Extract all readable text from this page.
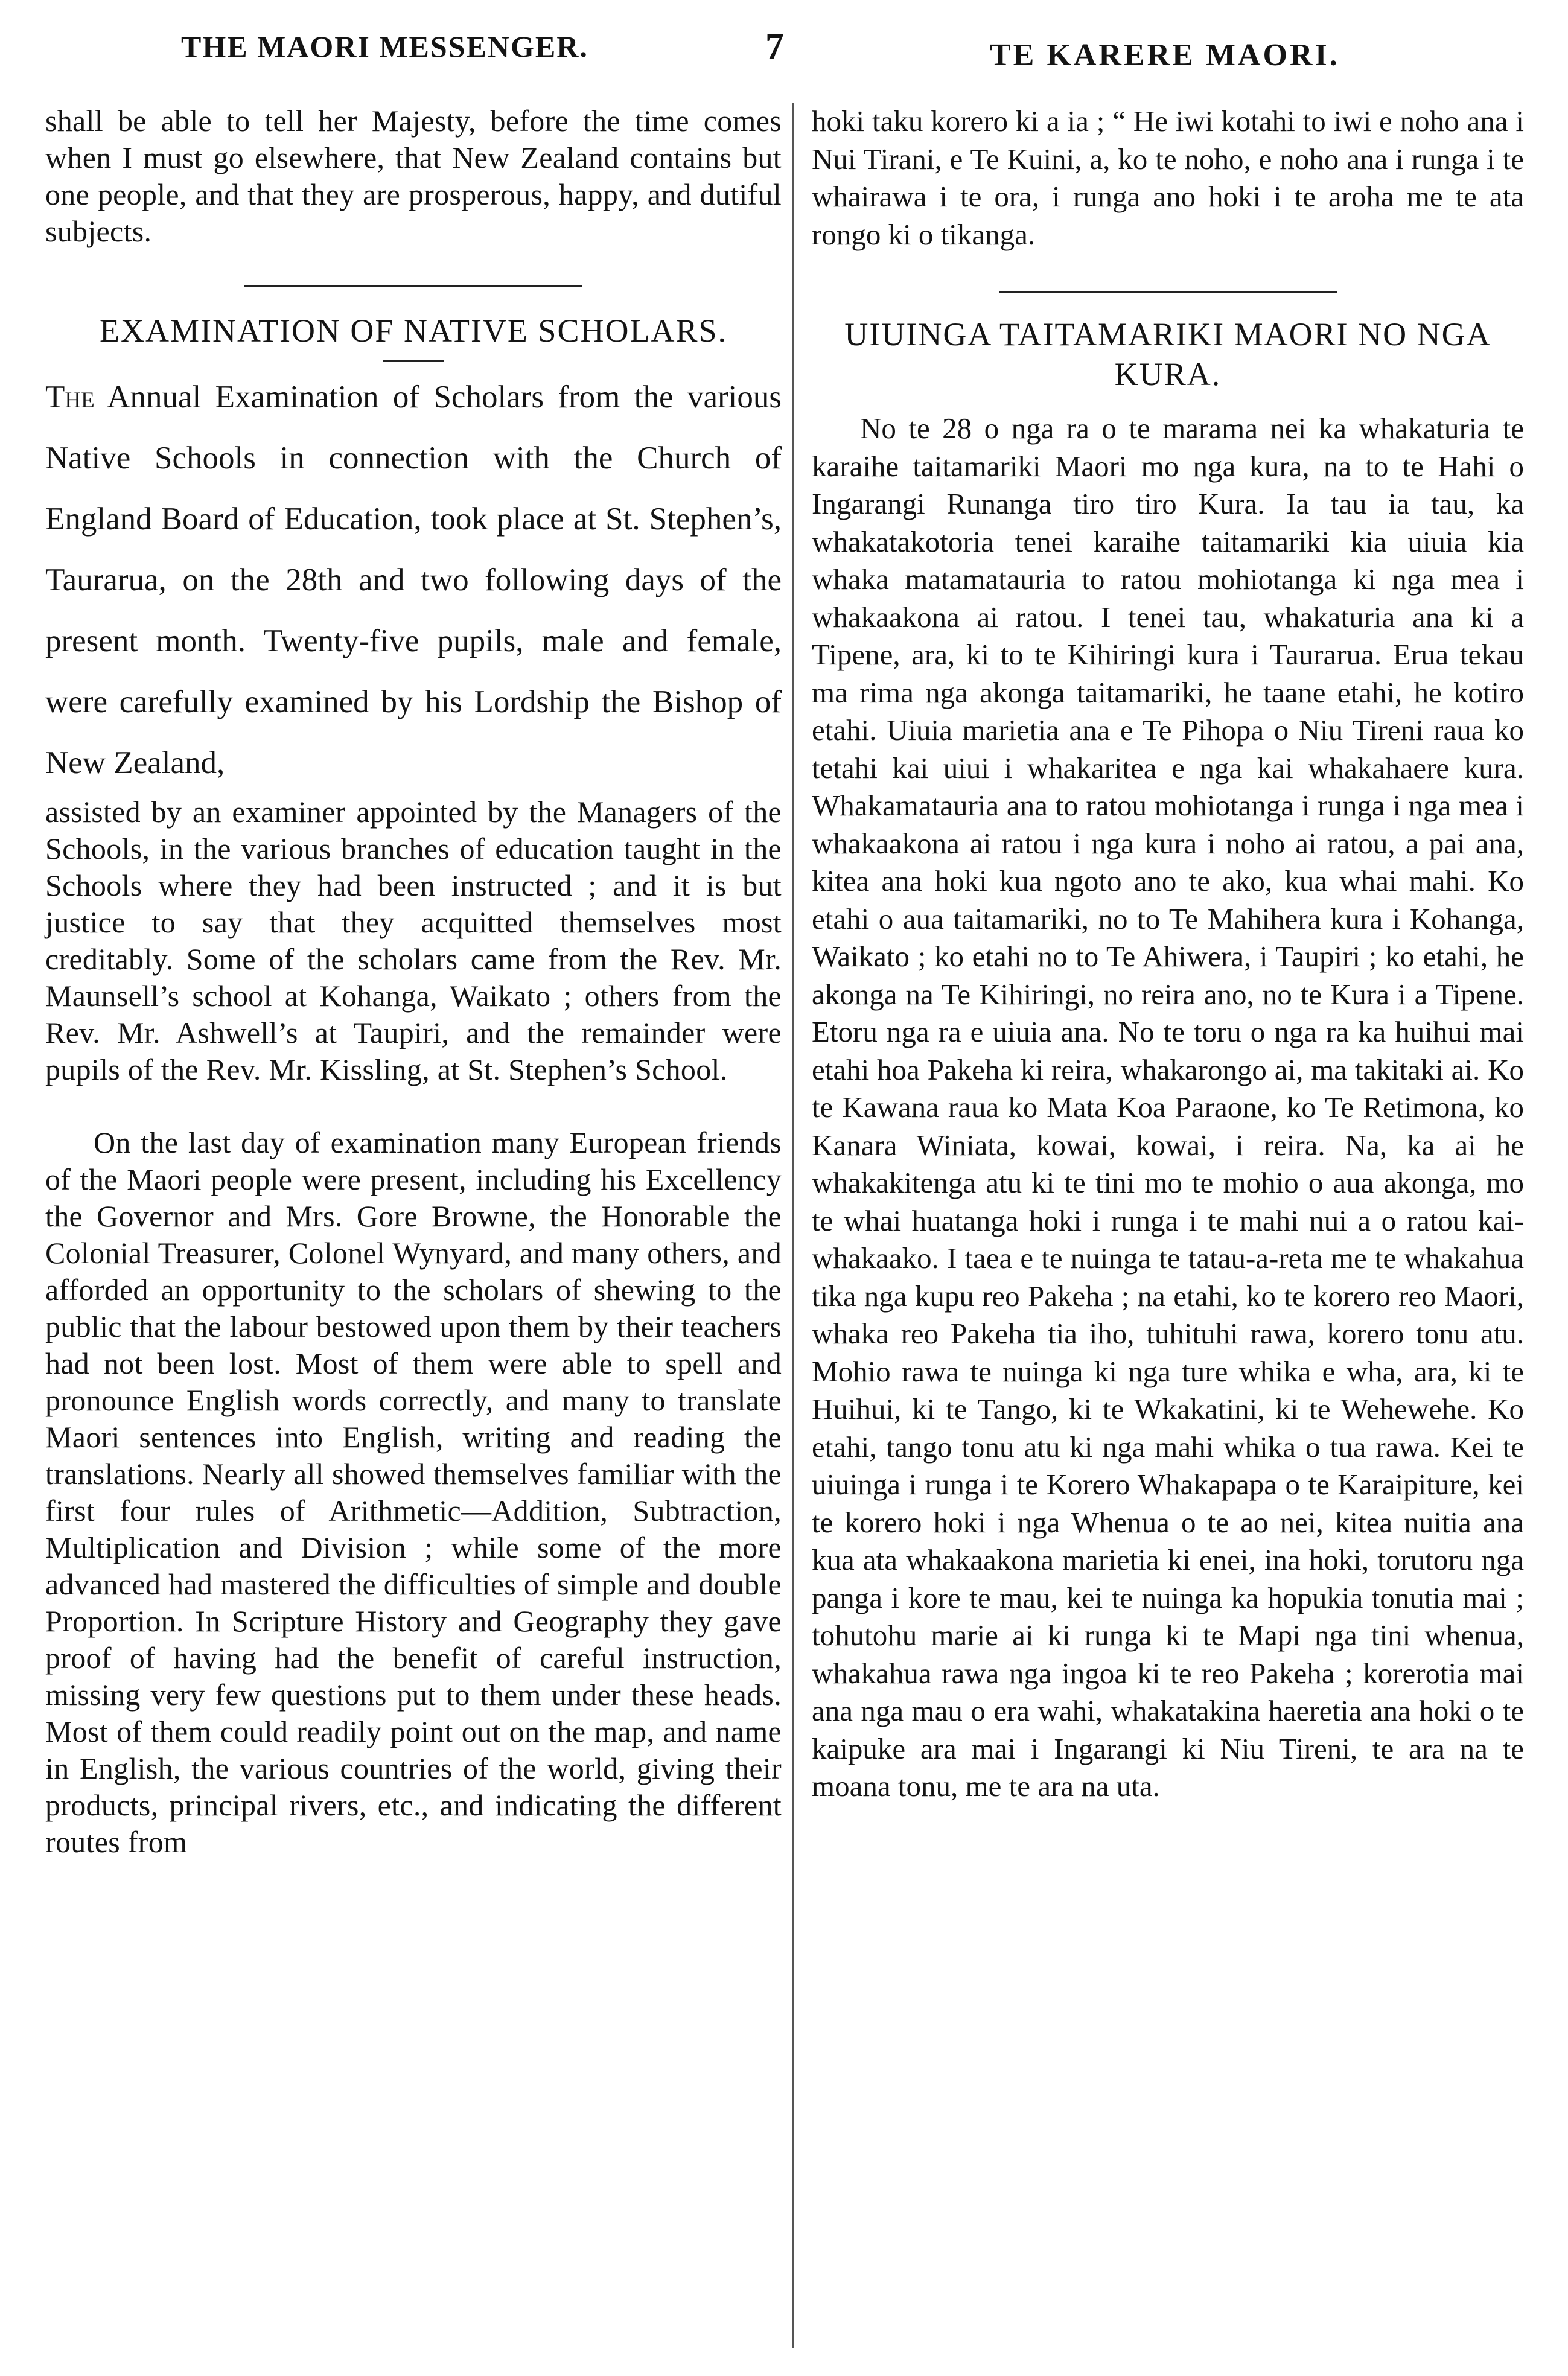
THE MAORI MESSENGER.	7	TE KARERE MAORI.

shall be able to tell her Majesty, before the time comes when I must go elsewhere, that New Zealand contains but one people, and that they are prosperous, happy, and dutiful subjects.

EXAMINATION OF NATIVE SCHOLARS.

The Annual Examination of Scholars from the various Native Schools in connection with the Church of England Board of Education, took place at St. Stephen’s, Taurarua, on the 28th and two following days of the present month. Twenty-five pupils, male and female, were carefully examined by his Lordship the Bishop of New Zealand,

assisted by an examiner appointed by the Managers of the Schools, in the various branches of education taught in the Schools where they had been instructed ; and it is but justice to say that they acquitted themselves most creditably. Some of the scholars came from the Rev. Mr. Maunsell’s school at Kohanga, Waikato ; others from the Rev. Mr. Ashwell’s at Taupiri, and the remainder were pupils of the Rev. Mr. Kissling, at St. Stephen’s School.

On the last day of examination many European friends of the Maori people were present, including his Excellency the Governor and Mrs. Gore Browne, the Honorable the Colonial Treasurer, Colonel Wynyard, and many others, and afforded an opportunity to the scholars of shewing to the public that the labour bestowed upon them by their teachers had not been lost. Most of them were able to spell and pronounce English words correctly, and many to translate Maori sentences into English, writing and reading the translations. Nearly all showed themselves familiar with the first four rules of Arithmetic—Addition, Subtraction, Multiplication and Division ; while some of the more advanced had mastered the difficulties of simple and double Proportion. In Scripture History and Geography they gave proof of having had the benefit of careful instruction, missing very few questions put to them under these heads. Most of them could readily point out on the map, and name in English, the various countries of the world, giving their products, principal rivers, etc., and indicating the different routes from

hoki taku korero ki a ia ; “ He iwi kotahi to iwi e noho ana i Nui Tirani, e Te Kuini, a, ko te noho, e noho ana i runga i te whairawa i te ora, i runga ano hoki i te aroha me te ata rongo ki o tikanga.

UIUINGA TAITAMARIKI MAORI NO NGA
KURA.

No te 28 o nga ra o te marama nei ka whakaturia te karaihe taitamariki Maori mo nga kura, na to te Hahi o Ingarangi Runanga tiro tiro Kura. Ia tau ia tau, ka whakatakotoria tenei karaihe taitamariki kia uiuia kia whaka matamatauria to ratou mohiotanga ki nga mea i whakaakona ai ratou. I tenei tau, whakaturia ana ki a Tipene, ara, ki to te Kihiringi kura i Taurarua. Erua tekau ma rima nga akonga taitamariki, he taane etahi, he kotiro etahi. Uiuia marietia ana e Te Pihopa o Niu Tireni raua ko tetahi kai uiui i whakaritea e nga kai whakahaere kura. Whakamatauria ana to ratou mohiotanga i runga i nga mea i whakaakona ai ratou i nga kura i noho ai ratou, a pai ana, kitea ana hoki kua ngoto ano te ako, kua whai mahi. Ko etahi o aua taitamariki, no to Te Mahihera kura i Kohanga, Waikato ; ko etahi no to Te Ahiwera, i Taupiri ; ko etahi, he akonga na Te Kihiringi, no reira ano, no te Kura i a Tipene. Etoru nga ra e uiuia ana. No te toru o nga ra ka huihui mai etahi hoa Pakeha ki reira, whakarongo ai, ma takitaki ai. Ko te Kawana raua ko Mata Koa Paraone, ko Te Retimona, ko Kanara Winiata, kowai, kowai, i reira. Na, ka ai he whakakitenga atu ki te tini mo te mohio o aua akonga, mo te whai huatanga hoki i runga i te mahi nui a o ratou kai-whakaako. I taea e te nuinga te tatau-a-reta me te whakahua tika nga kupu reo Pakeha ; na etahi, ko te korero reo Maori, whaka reo Pakeha tia iho, tuhituhi rawa, korero tonu atu. Mohio rawa te nuinga ki nga ture whika e wha, ara, ki te Huihui, ki te Tango, ki te Wkakatini, ki te Wehewehe. Ko etahi, tango tonu atu ki nga mahi whika o tua rawa. Kei te uiuinga i runga i te Korero Whakapapa o te Karaipiture, kei te korero hoki i nga Whenua o te ao nei, kitea nuitia ana kua ata whakaakona marietia ki enei, ina hoki, torutoru nga panga i kore te mau, kei te nuinga ka hopukia tonutia mai ; tohutohu marie ai ki runga ki te Mapi nga tini whenua, whakahua rawa nga ingoa ki te reo Pakeha ; korerotia mai ana nga mau o era wahi, whakatakina haeretia ana hoki o te kaipuke ara mai i Ingarangi ki Niu Tireni, te ara na te moana tonu, me te ara na uta.
